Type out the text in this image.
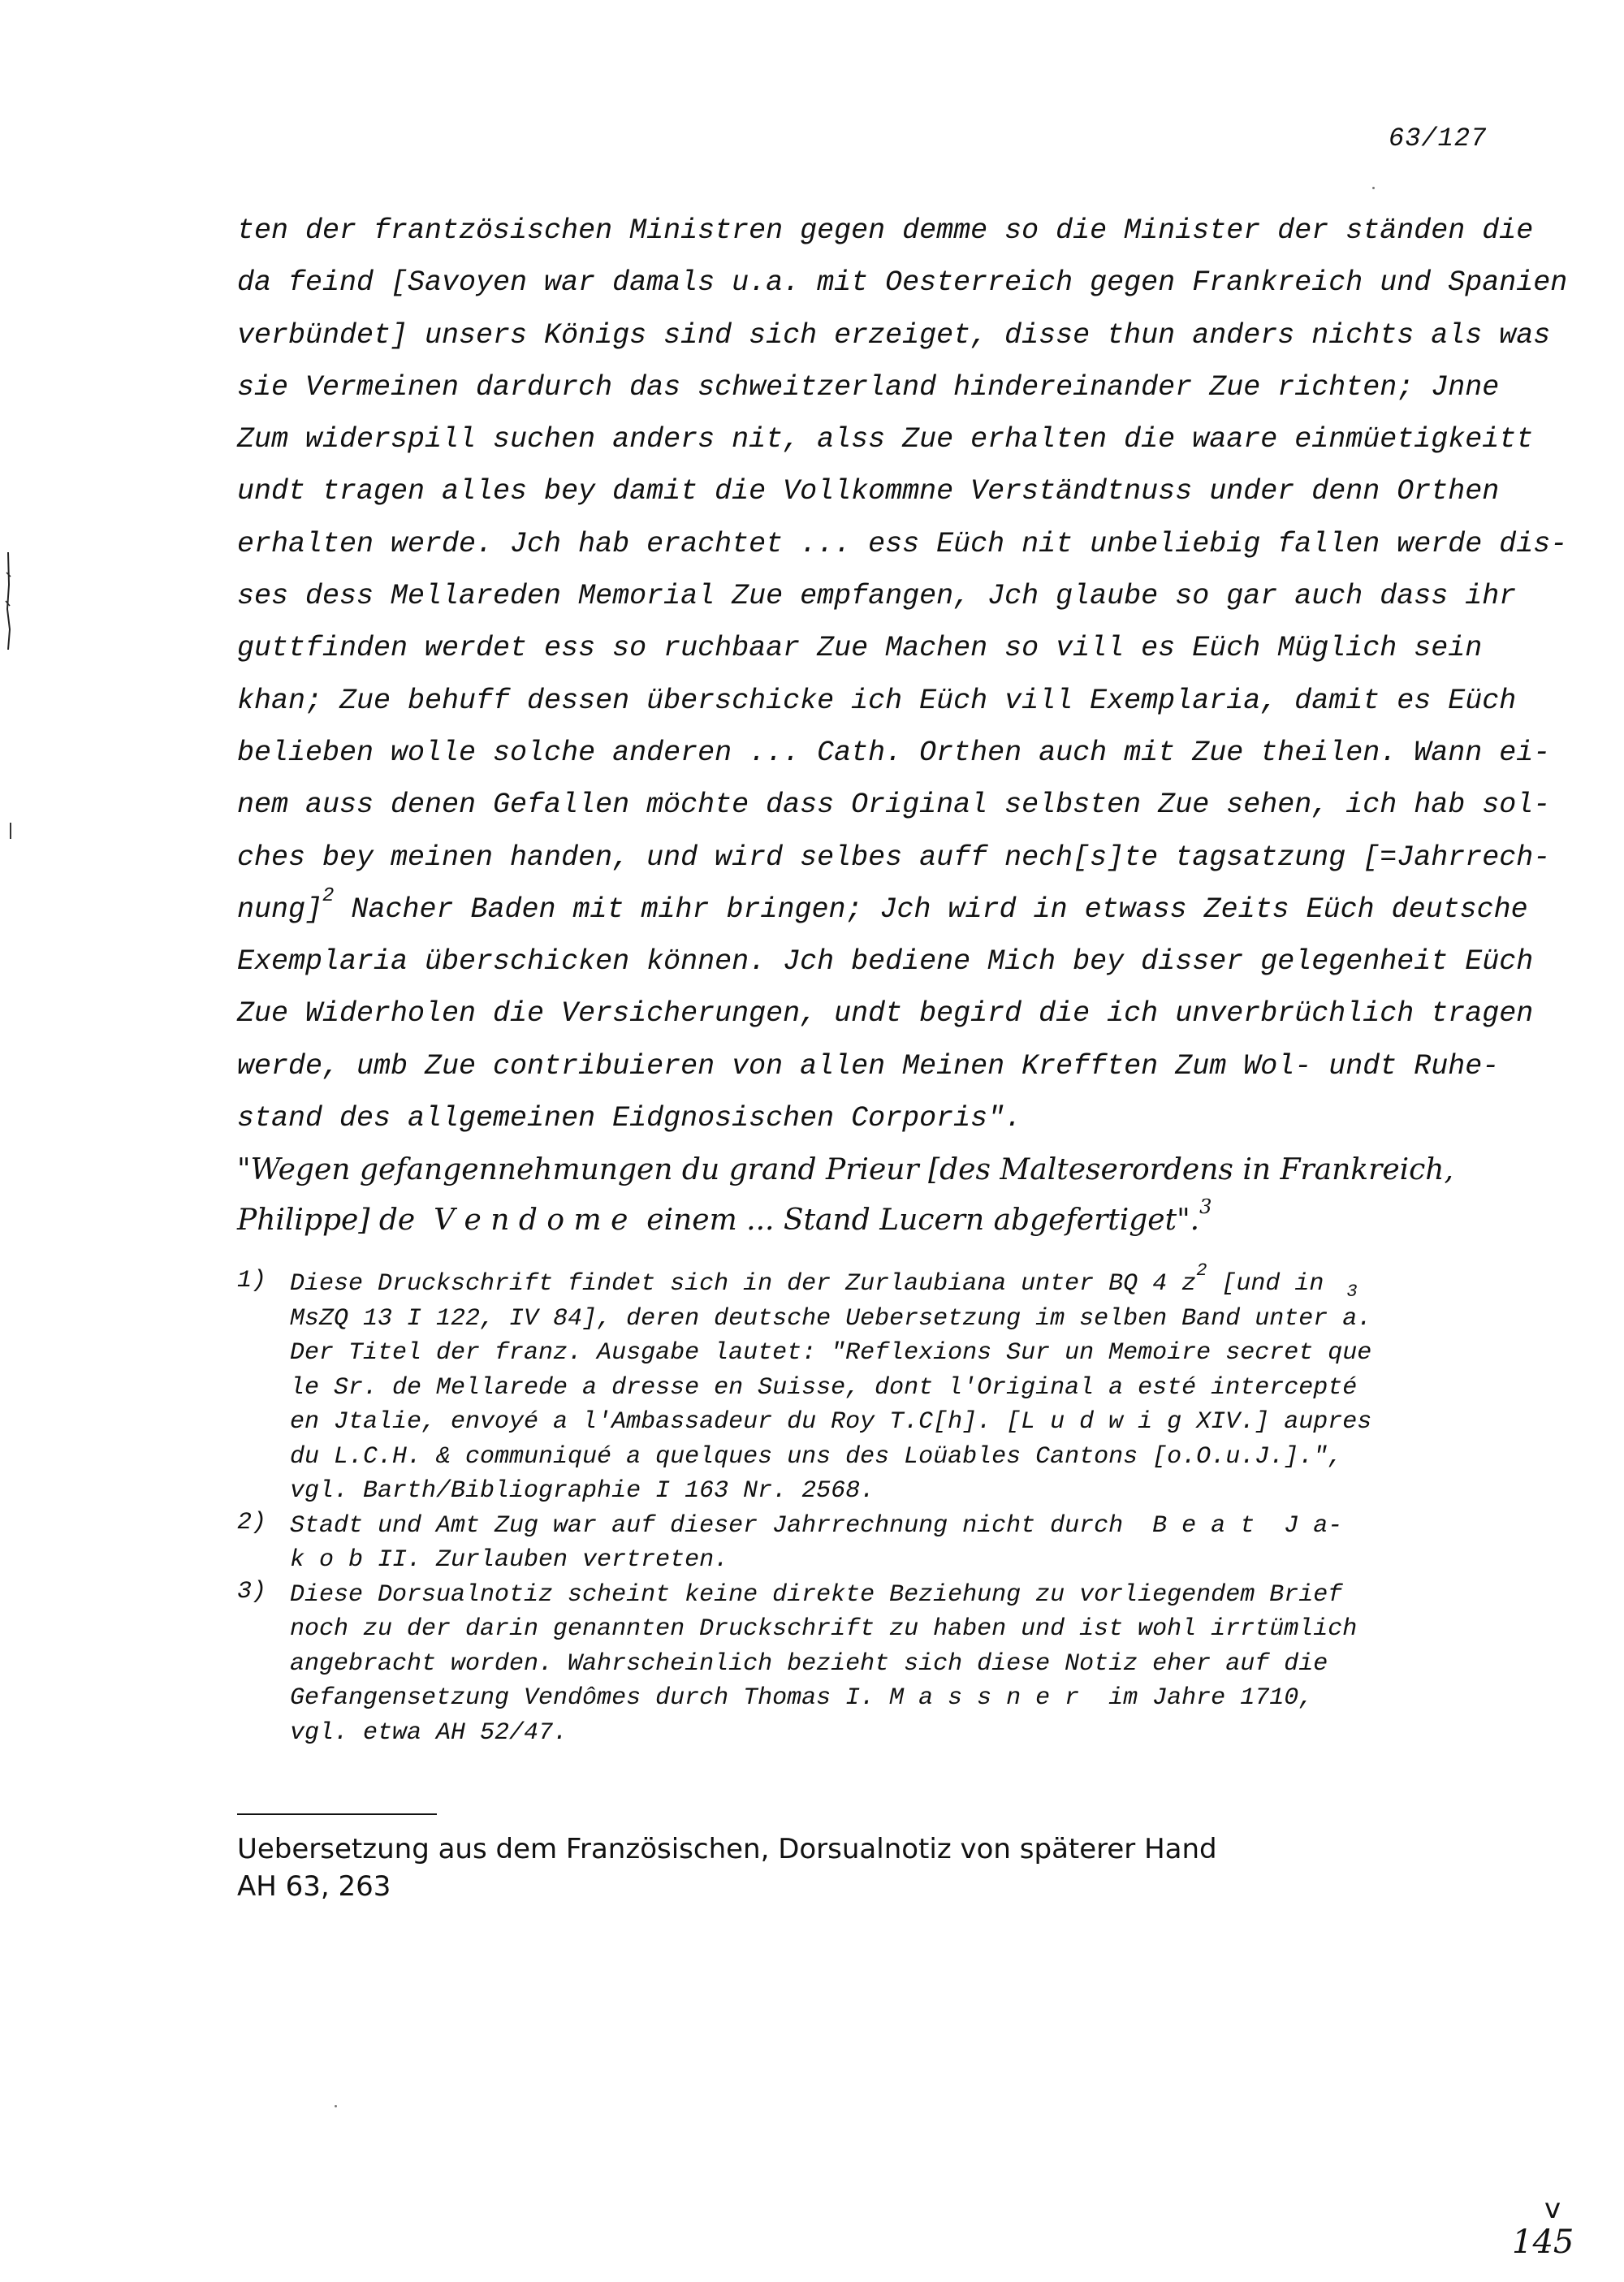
63/127
ten der frantzösischen Ministren gegen demme so die Minister der ständen die
da feind [Savoyen war damals u.a. mit Oesterreich gegen Frankreich und Spanien
verbündet] unsers Königs sind sich erzeiget, disse thun anders nichts als was
sie Vermeinen dardurch das schweitzerland hindereinander Zue richten; Jnne
Zum widerspill suchen anders nit, alss Zue erhalten die waare einmüetigkeitt
undt tragen alles bey damit die Vollkommne Verständtnuss under denn Orthen
erhalten werde. Jch hab erachtet ... ess Eüch nit unbeliebig fallen werde dis-
ses dess Mellareden Memorial Zue empfangen, Jch glaube so gar auch dass ihr
guttfinden werdet ess so ruchbaar Zue Machen so vill es Eüch Müglich sein
khan; Zue behuff dessen überschicke ich Eüch vill Exemplaria, damit es Eüch
belieben wolle solche anderen ... Cath. Orthen auch mit Zue theilen. Wann ei-
nem auss denen Gefallen möchte dass Original selbsten Zue sehen, ich hab sol-
ches bey meinen handen, und wird selbes auff nech[s]te tagsatzung [=Jahrrech-
nung]$^2$ Nacher Baden mit mihr bringen; Jch wird in etwass Zeits Eüch deutsche
Exemplaria überschicken können. Jch bediene Mich bey disser gelegenheit Eüch
Zue Widerholen die Versicherungen, undt begird die ich unverbrüchlich tragen
werde, umb Zue contribuieren von allen Meinen Krefften Zum Wol- undt Ruhe-
stand des allgemeinen Eidgnosischen Corporis".
"Wegen gefangennehmungen du grand Prieur [des Malteserordens in Frankreich,
Philippe] de  V e n d o m e  einem ... Stand Lucern abgefertiget".$^3$
1) Diese Druckschrift findet sich in der Zurlaubiana unter BQ 4 z$^2$ [und in $_3$
MsZQ 13 I 122, IV 84], deren deutsche Uebersetzung im selben Band unter a.
Der Titel der franz. Ausgabe lautet: "Reflexions Sur un Memoire secret que
le Sr. de Mellarede a dresse en Suisse, dont l'Original a esté intercepté
en Jtalie, envoyé a l'Ambassadeur du Roy T.C[h]. [L u d w i g XIV.] aupres
du L.C.H. & communiqué a quelques uns des Loüables Cantons [o.O.u.J.].",
vgl. Barth/Bibliographie I 163 Nr. 2568.
2) Stadt und Amt Zug war auf dieser Jahrrechnung nicht durch  B e a t  J a-
k o b II. Zurlauben vertreten.
3) Diese Dorsualnotiz scheint keine direkte Beziehung zu vorliegendem Brief
noch zu der darin genannten Druckschrift zu haben und ist wohl irrtümlich
angebracht worden. Wahrscheinlich bezieht sich diese Notiz eher auf die
Gefangensetzung Vendômes durch Thomas I. M a s s n e r  im Jahre 1710,
vgl. etwa AH 52/47.
Uebersetzung aus dem Französischen, Dorsualnotiz von späterer Hand
AH 63, 263
v
145
